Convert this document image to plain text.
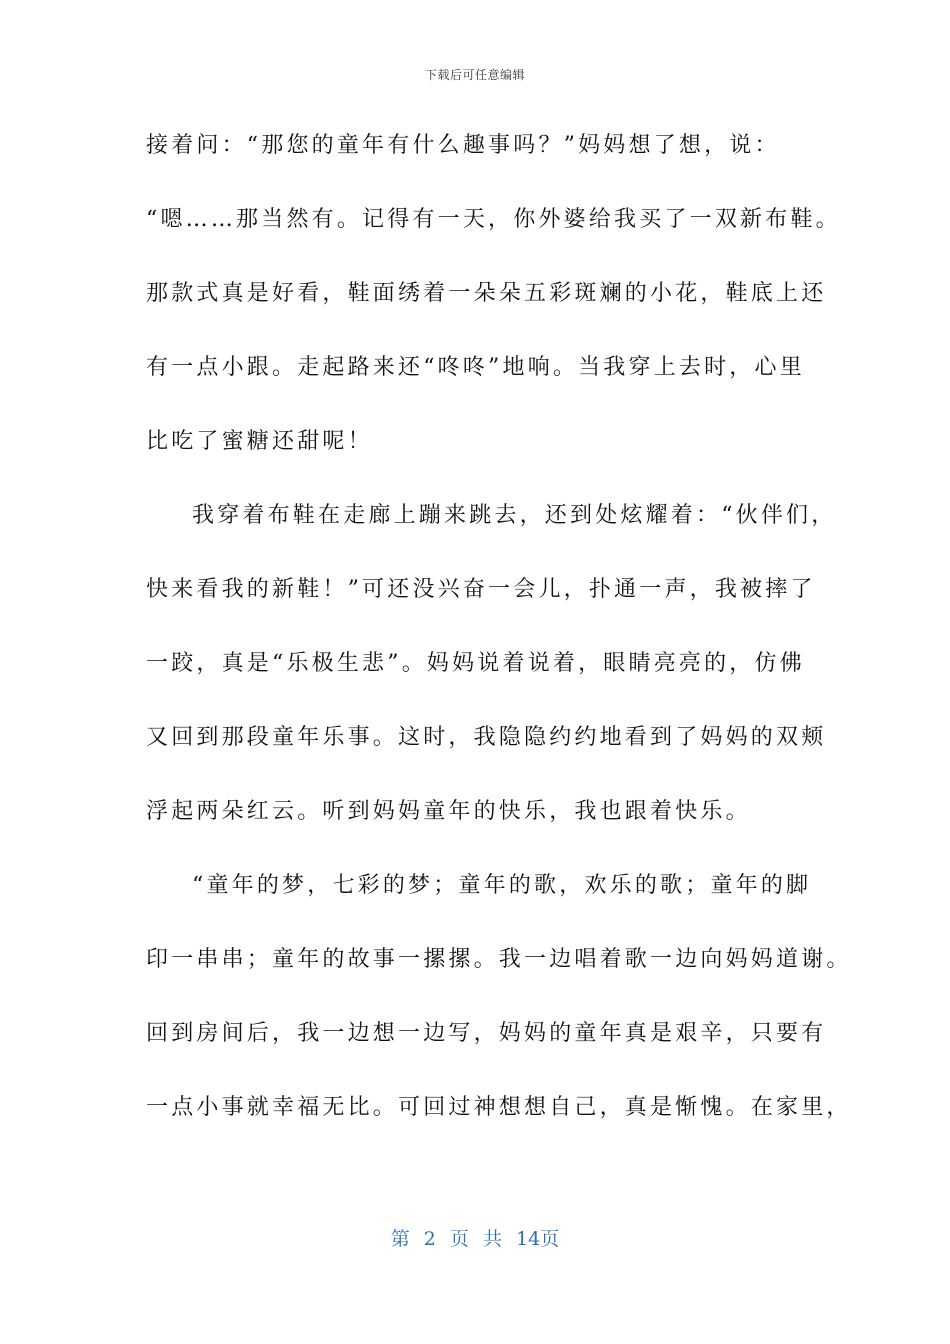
下载后可任意编辑
接着问：“那您的童年有什么趣事吗？”妈妈想了想，说：
“嗯……那当然有。记得有一天，你外婆给我买了一双新布鞋。
那款式真是好看，鞋面绣着一朵朵五彩斑斓的小花，鞋底上还
有一点小跟。走起路来还“咚咚”地响。当我穿上去时，心里
比吃了蜜糖还甜呢！
我穿着布鞋在走廊上蹦来跳去，还到处炫耀着：“伙伴们，
快来看我的新鞋！”可还没兴奋一会儿，扑通一声，我被摔了
一跤，真是“乐极生悲”。妈妈说着说着，眼睛亮亮的，仿佛
又回到那段童年乐事。这时，我隐隐约约地看到了妈妈的双颊
浮起两朵红云。听到妈妈童年的快乐，我也跟着快乐。
“童年的梦，七彩的梦；童年的歌，欢乐的歌；童年的脚
印一串串；童年的故事一摞摞。我一边唱着歌一边向妈妈道谢。
回到房间后，我一边想一边写，妈妈的童年真是艰辛，只要有
一点小事就幸福无比。可回过神想想自己，真是惭愧。在家里，
第 2 页 共 14页
